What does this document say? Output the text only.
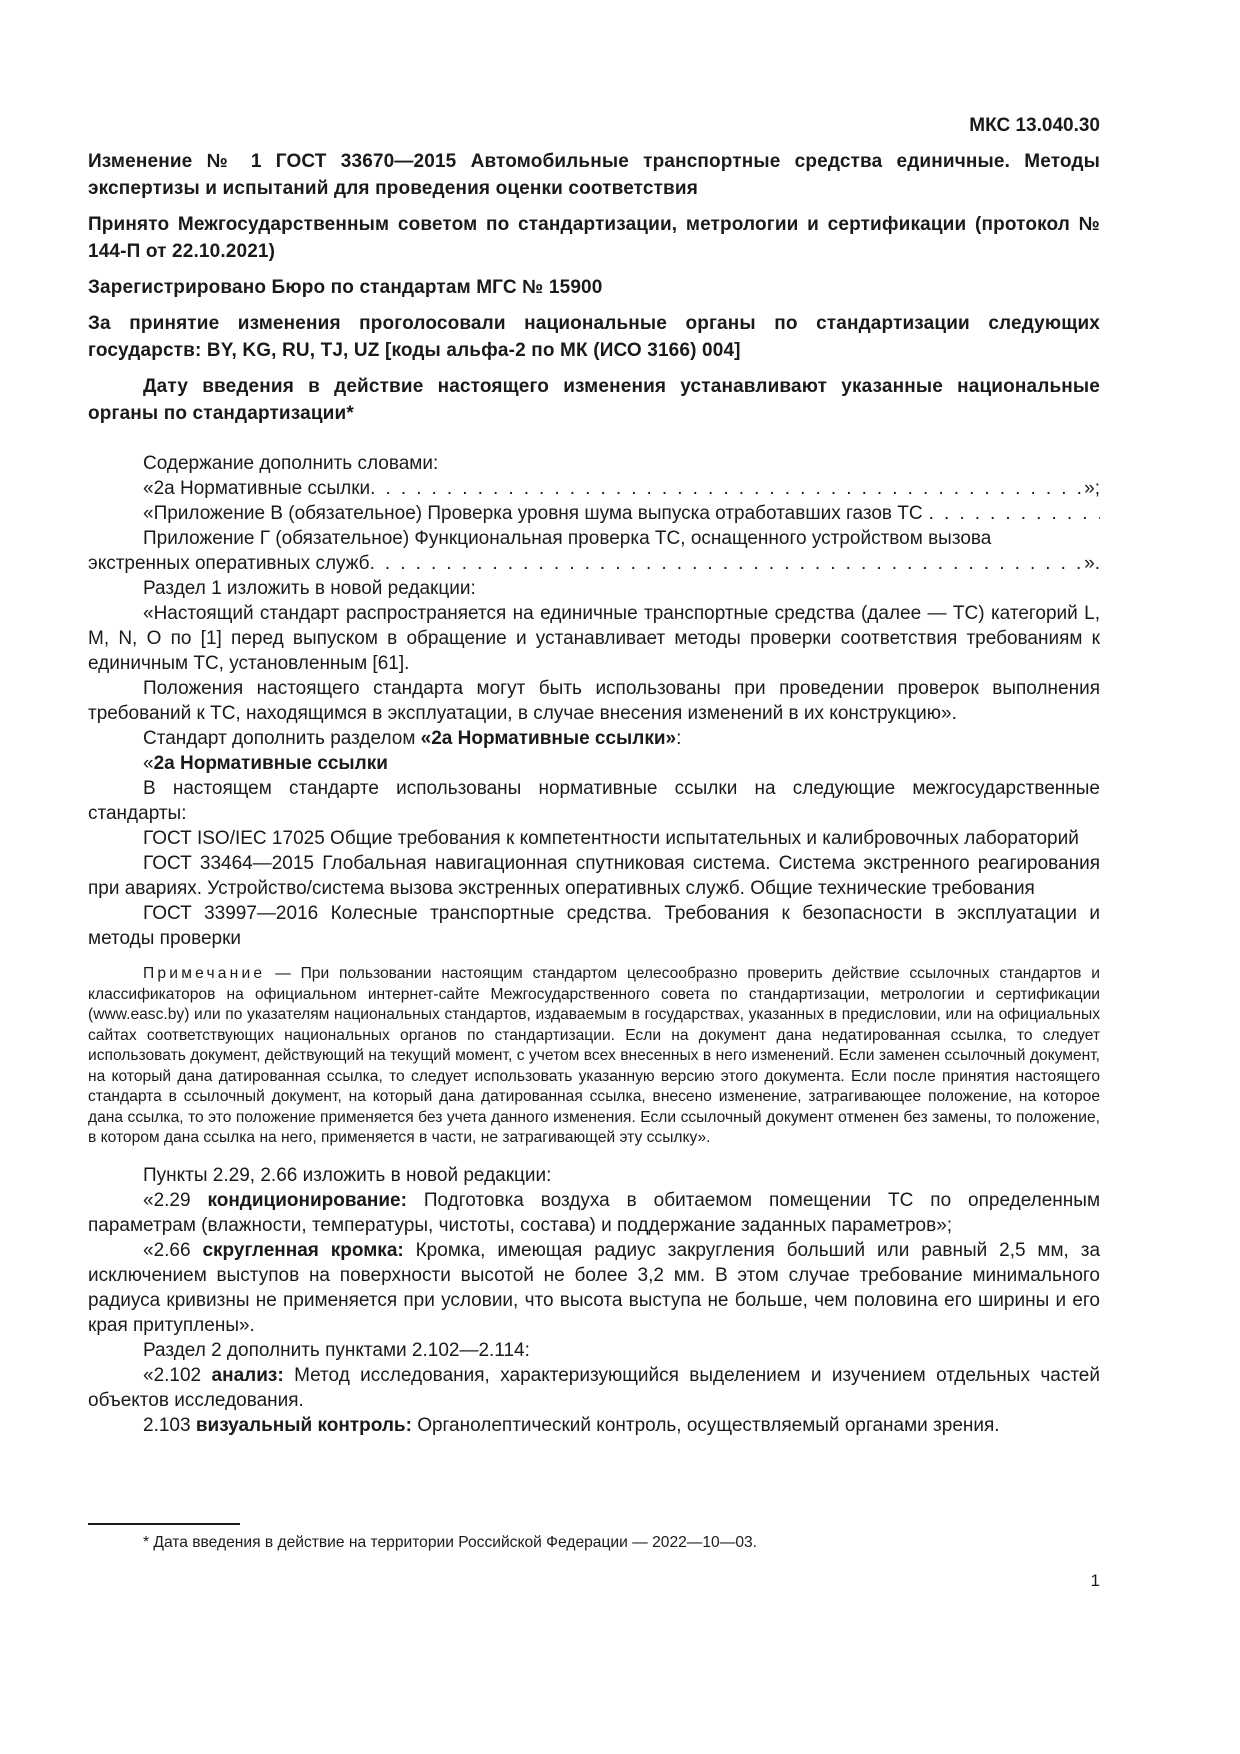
МКС 13.040.30
Изменение № 1 ГОСТ 33670—2015 Автомобильные транспортные средства единичные. Методы экспертизы и испытаний для проведения оценки соответствия
Принято Межгосударственным советом по стандартизации, метрологии и сертификации (протокол № 144-П от 22.10.2021)
Зарегистрировано Бюро по стандартам МГС № 15900
За принятие изменения проголосовали национальные органы по стандартизации следующих государств: BY, KG, RU, TJ, UZ [коды альфа-2 по МК (ИСО 3166) 004]
Дату введения в действие настоящего изменения устанавливают указанные национальные органы по стандартизации*
Содержание дополнить словами:
«2а Нормативные ссылки . . .	»;
«Приложение В (обязательное) Проверка уровня шума выпуска отработавших газов ТС
. . .
Приложение Г (обязательное) Функциональная проверка ТС, оснащенного устройством вызова
экстренных оперативных служб . . .	».
Раздел 1 изложить в новой редакции:
«Настоящий стандарт распространяется на единичные транспортные средства (далее — ТС) категорий L, M, N, O по [1] перед выпуском в обращение и устанавливает методы проверки соответствия требованиям к единичным ТС, установленным [61].
Положения настоящего стандарта могут быть использованы при проведении проверок выполнения требований к ТС, находящимся в эксплуатации, в случае внесения изменений в их конструкцию».
Стандарт дополнить разделом «2а Нормативные ссылки»:
«2а Нормативные ссылки
В настоящем стандарте использованы нормативные ссылки на следующие межгосударственные стандарты:
ГОСТ ISO/IEC 17025 Общие требования к компетентности испытательных и калибровочных лабораторий
ГОСТ 33464—2015 Глобальная навигационная спутниковая система. Система экстренного реагирования при авариях. Устройство/система вызова экстренных оперативных служб. Общие технические требования
ГОСТ 33997—2016 Колесные транспортные средства. Требования к безопасности в эксплуатации и методы проверки
Примечание — При пользовании настоящим стандартом целесообразно проверить действие ссылочных стандартов и классификаторов на официальном интернет-сайте Межгосударственного совета по стандартизации, метрологии и сертификации (www.easc.by) или по указателям национальных стандартов, издаваемым в государствах, указанных в предисловии, или на официальных сайтах соответствующих национальных органов по стандартизации. Если на документ дана недатированная ссылка, то следует использовать документ, действующий на текущий момент, с учетом всех внесенных в него изменений. Если заменен ссылочный документ, на который дана датированная ссылка, то следует использовать указанную версию этого документа. Если после принятия настоящего стандарта в ссылочный документ, на который дана датированная ссылка, внесено изменение, затрагивающее положение, на которое дана ссылка, то это положение применяется без учета данного изменения. Если ссылочный документ отменен без замены, то положение, в котором дана ссылка на него, применяется в части, не затрагивающей эту ссылку».
Пункты 2.29, 2.66 изложить в новой редакции:
«2.29 кондиционирование: Подготовка воздуха в обитаемом помещении ТС по определенным параметрам (влажности, температуры, чистоты, состава) и поддержание заданных параметров»;
«2.66 скругленная кромка: Кромка, имеющая радиус закругления больший или равный 2,5 мм, за исключением выступов на поверхности высотой не более 3,2 мм. В этом случае требование минимального радиуса кривизны не применяется при условии, что высота выступа не больше, чем половина его ширины и его края притуплены».
Раздел 2 дополнить пунктами 2.102—2.114:
«2.102 анализ: Метод исследования, характеризующийся выделением и изучением отдельных частей объектов исследования.
2.103 визуальный контроль: Органолептический контроль, осуществляемый органами зрения.
* Дата введения в действие на территории Российской Федерации — 2022—10—03.
1
